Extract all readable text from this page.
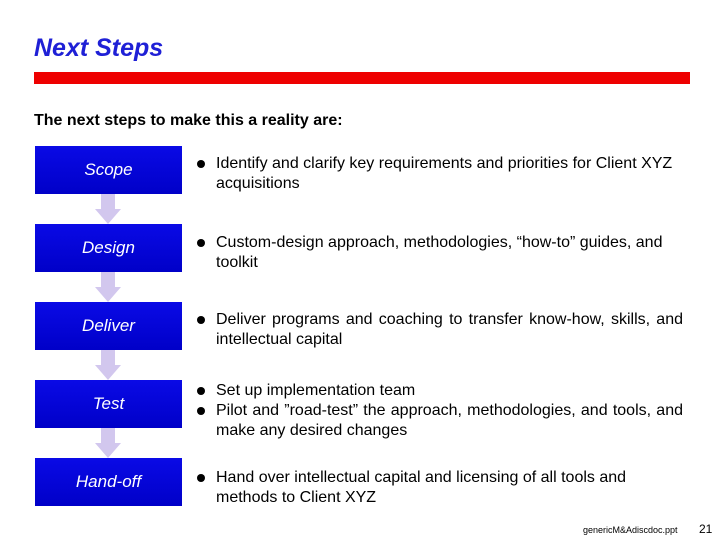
Next Steps
The next steps to make this a reality are:
Scope	Identify and clarify key requirements and priorities for Client XYZ acquisitions
Design	Custom-design approach, methodologies, “how-to” guides, and toolkit
Deliver	Deliver programs and coaching to transfer know-how, skills, and intellectual capital
Test
Set up implementation team
Pilot and ”road-test” the approach, methodologies, and tools, and make any desired changes
Hand-off	Hand over intellectual capital and licensing of all tools and methods to Client XYZ
genericM&Adiscdoc.ppt 21
